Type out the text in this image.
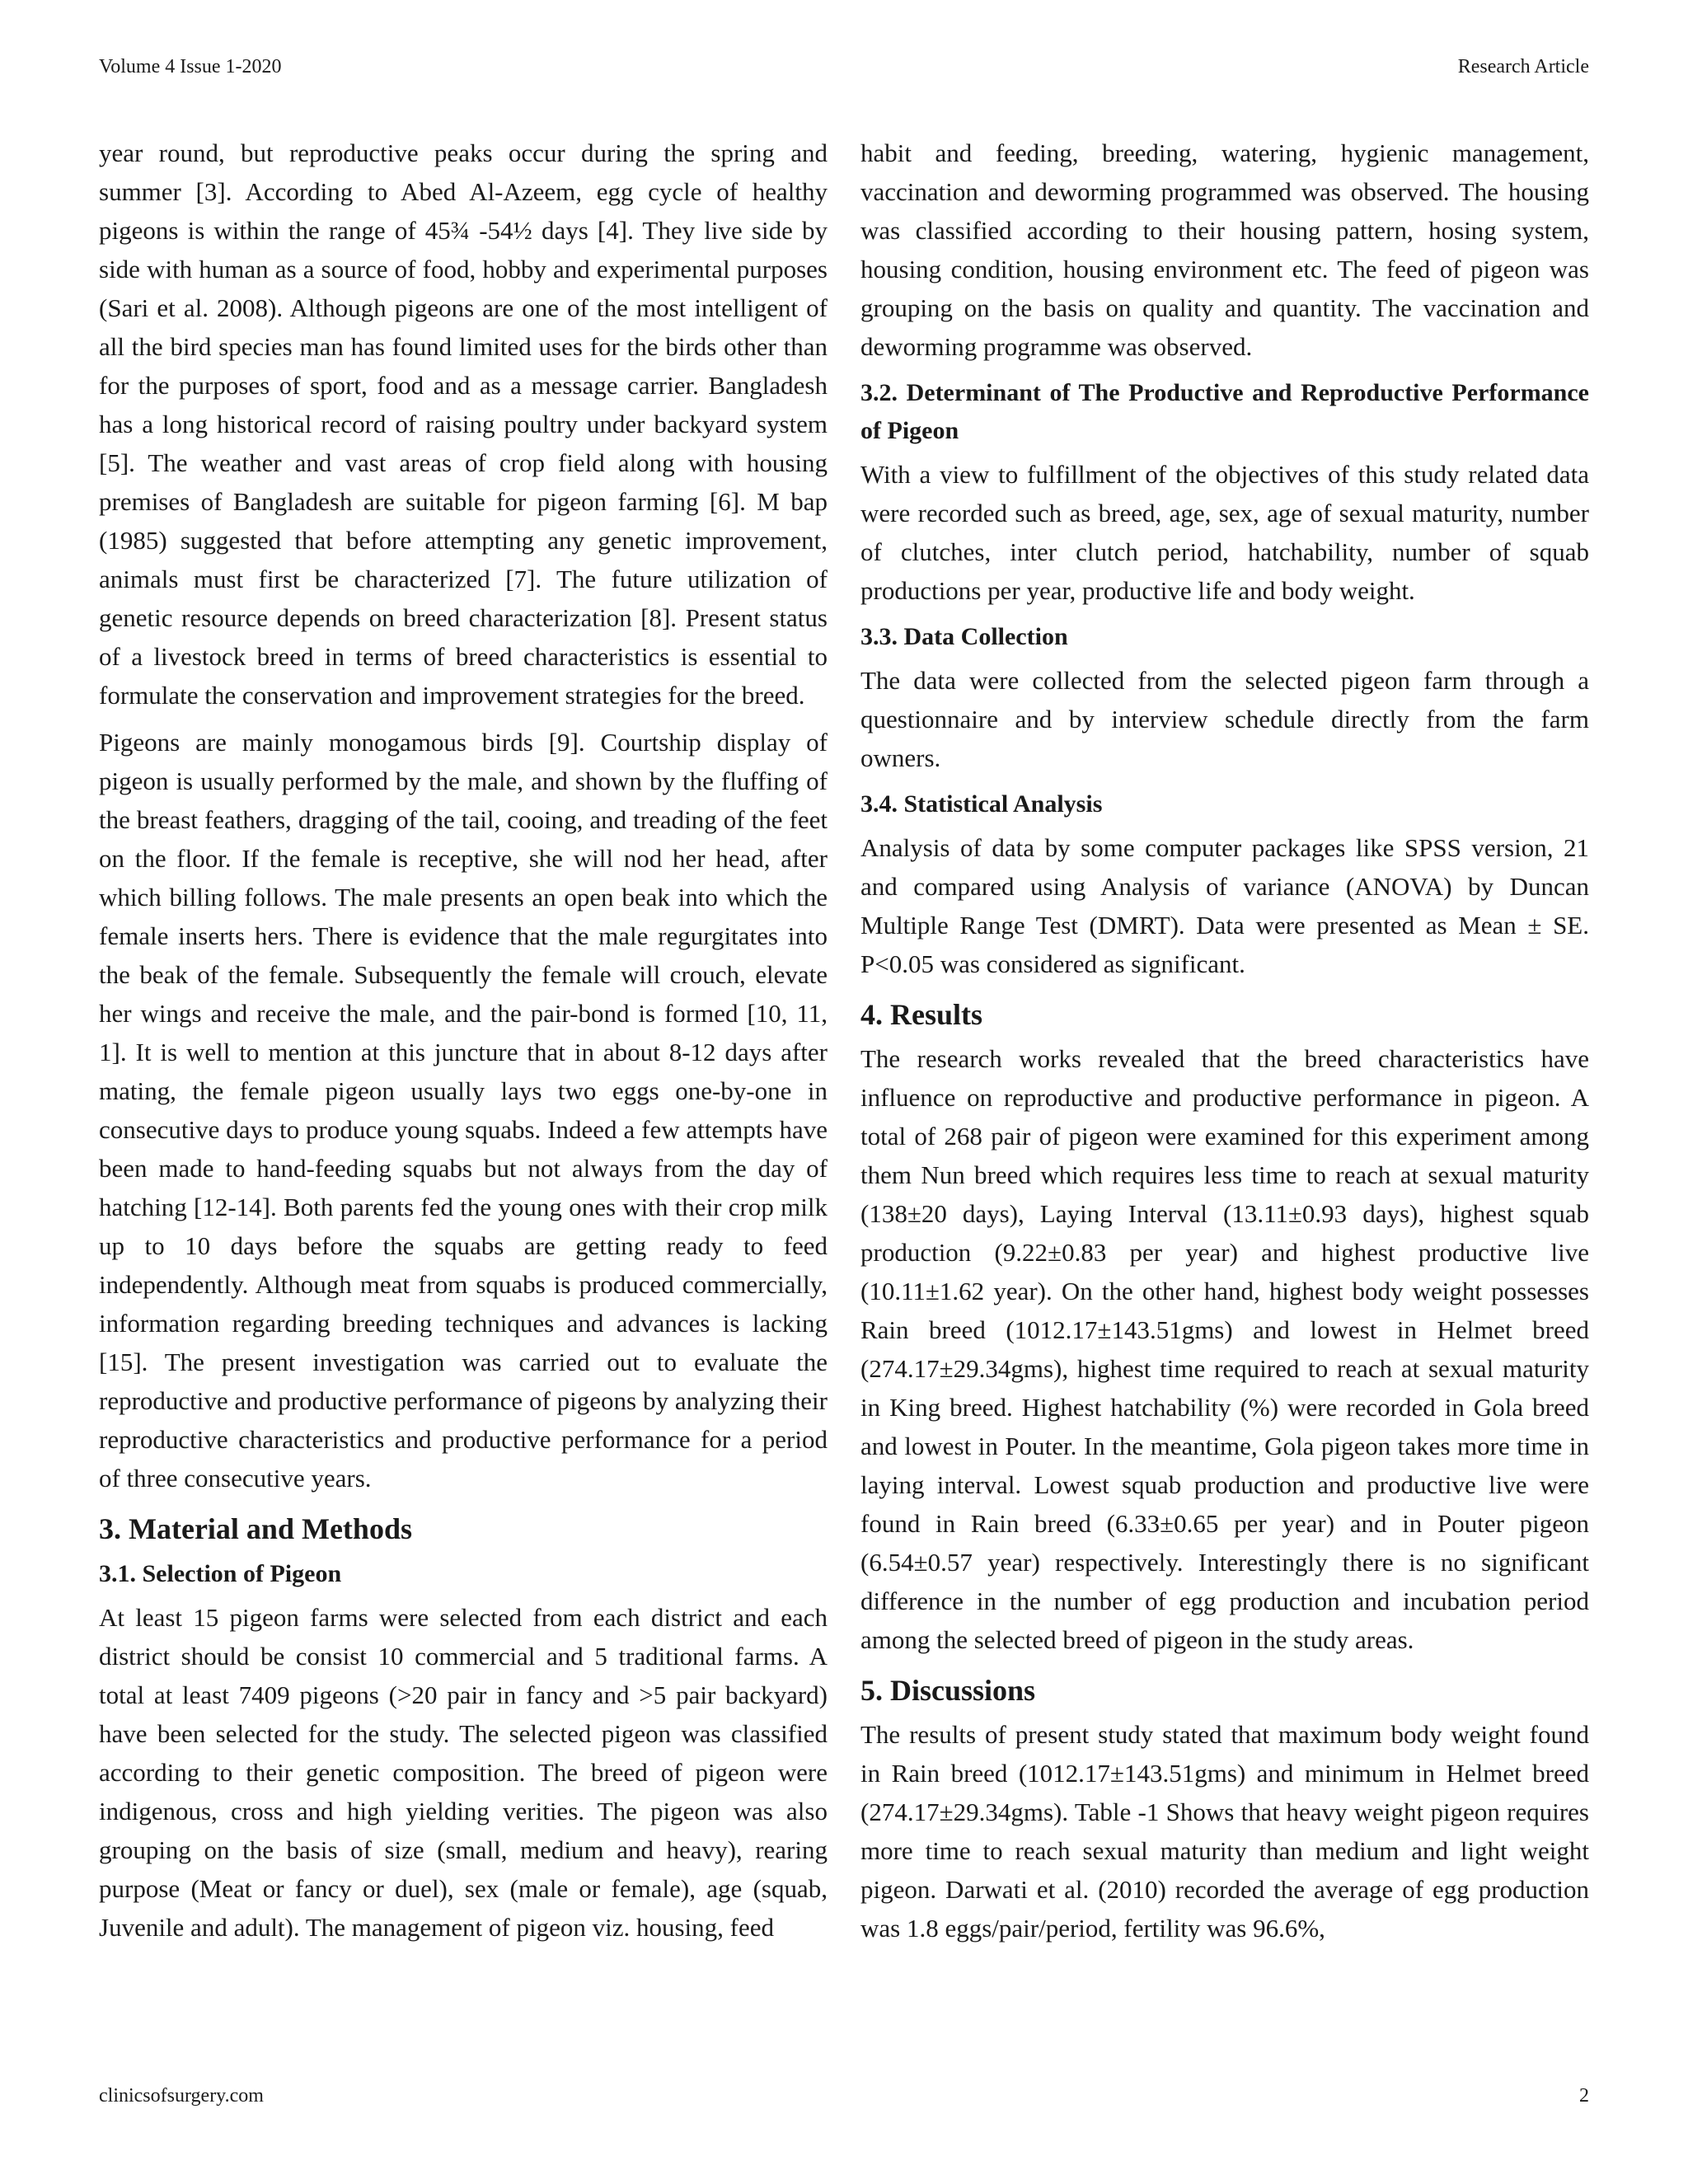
Volume 4 Issue 1-2020	Research Article

year round, but reproductive peaks occur during the spring and summer [3]. According to Abed Al-Azeem, egg cycle of healthy pigeons is within the range of 45¾ -54½ days [4]. They live side by side with human as a source of food, hobby and experimental purposes (Sari et al. 2008). Although pigeons are one of the most intelligent of all the bird species man has found limited uses for the birds other than for the purposes of sport, food and as a message carrier. Bangladesh has a long historical record of raising poultry under backyard system [5]. The weather and vast areas of crop field along with housing premises of Bangladesh are suitable for pigeon farming [6]. M bap (1985) suggested that before attempting any genetic improvement, animals must first be characterized [7]. The future utilization of genetic resource depends on breed characterization [8]. Present status of a livestock breed in terms of breed characteristics is essential to formulate the conservation and improvement strategies for the breed.

Pigeons are mainly monogamous birds [9]. Courtship display of pigeon is usually performed by the male, and shown by the fluffing of the breast feathers, dragging of the tail, cooing, and treading of the feet on the floor. If the female is receptive, she will nod her head, after which billing follows. The male presents an open beak into which the female inserts hers. There is evidence that the male regurgitates into the beak of the female. Subsequently the female will crouch, elevate her wings and receive the male, and the pair-bond is formed [10, 11, 1]. It is well to mention at this juncture that in about 8-12 days after mating, the female pigeon usually lays two eggs one-by-one in consecutive days to produce young squabs. Indeed a few attempts have been made to hand-feeding squabs but not always from the day of hatching [12-14]. Both parents fed the young ones with their crop milk up to 10 days before the squabs are getting ready to feed independently. Although meat from squabs is produced commercially, information regarding breeding techniques and advances is lacking [15]. The present investigation was carried out to evaluate the reproductive and productive performance of pigeons by analyzing their reproductive characteristics and productive performance for a period of three consecutive years.

3. Material and Methods
3.1. Selection of Pigeon

At least 15 pigeon farms were selected from each district and each district should be consist 10 commercial and 5 traditional farms. A total at least 7409 pigeons (>20 pair in fancy and >5 pair backyard) have been selected for the study. The selected pigeon was classified according to their genetic composition. The breed of pigeon were indigenous, cross and high yielding verities. The pigeon was also grouping on the basis of size (small, medium and heavy), rearing purpose (Meat or fancy or duel), sex (male or female), age (squab, Juvenile and adult). The management of pigeon viz. housing, feed

habit and feeding, breeding, watering, hygienic management, vaccination and deworming programmed was observed. The housing was classified according to their housing pattern, hosing system, housing condition, housing environment etc. The feed of pigeon was grouping on the basis on quality and quantity. The vaccination and deworming programme was observed.

3.2. Determinant of The Productive and Reproductive Performance of Pigeon

With a view to fulfillment of the objectives of this study related data were recorded such as breed, age, sex, age of sexual maturity, number of clutches, inter clutch period, hatchability, number of squab productions per year, productive life and body weight.

3.3. Data Collection

The data were collected from the selected pigeon farm through a questionnaire and by interview schedule directly from the farm owners.

3.4. Statistical Analysis

Analysis of data by some computer packages like SPSS version, 21 and compared using Analysis of variance (ANOVA) by Duncan Multiple Range Test (DMRT). Data were presented as Mean ± SE. P<0.05 was considered as significant.

4. Results

The research works revealed that the breed characteristics have influence on reproductive and productive performance in pigeon. A total of 268 pair of pigeon were examined for this experiment among them Nun breed which requires less time to reach at sexual maturity (138±20 days), Laying Interval (13.11±0.93 days), highest squab production (9.22±0.83 per year) and highest productive live (10.11±1.62 year). On the other hand, highest body weight possesses Rain breed (1012.17±143.51gms) and lowest in Helmet breed (274.17±29.34gms), highest time required to reach at sexual maturity in King breed. Highest hatchability (%) were recorded in Gola breed and lowest in Pouter. In the meantime, Gola pigeon takes more time in laying interval. Lowest squab production and productive live were found in Rain breed (6.33±0.65 per year) and in Pouter pigeon (6.54±0.57 year) respectively. Interestingly there is no significant difference in the number of egg production and incubation period among the selected breed of pigeon in the study areas.

5. Discussions

The results of present study stated that maximum body weight found in Rain breed (1012.17±143.51gms) and minimum in Helmet breed (274.17±29.34gms). Table -1 Shows that heavy weight pigeon requires more time to reach sexual maturity than medium and light weight pigeon. Darwati et al. (2010) recorded the average of egg production was 1.8 eggs/pair/period, fertility was 96.6%,

clinicsofsurgery.com	2
